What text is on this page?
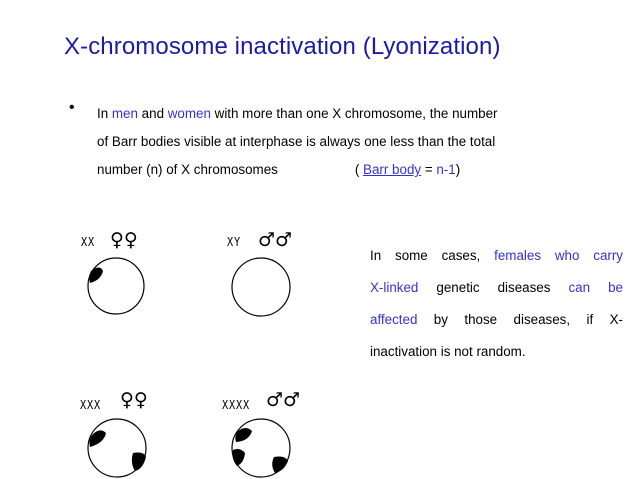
X-chromosome inactivation (Lyonization)
• In men and women with more than one X chromosome, the number
of Barr bodies visible at interphase is always one less than the total
number (n) of X chromosomes	( Barr body = n-1)
In some cases, females who carry
X-linked genetic diseases can be
affected by those diseases, if X-
inactivation is not random.
XX ♀♀	XY ♂♂
XXX ♀♀	XXXX ♂♂
